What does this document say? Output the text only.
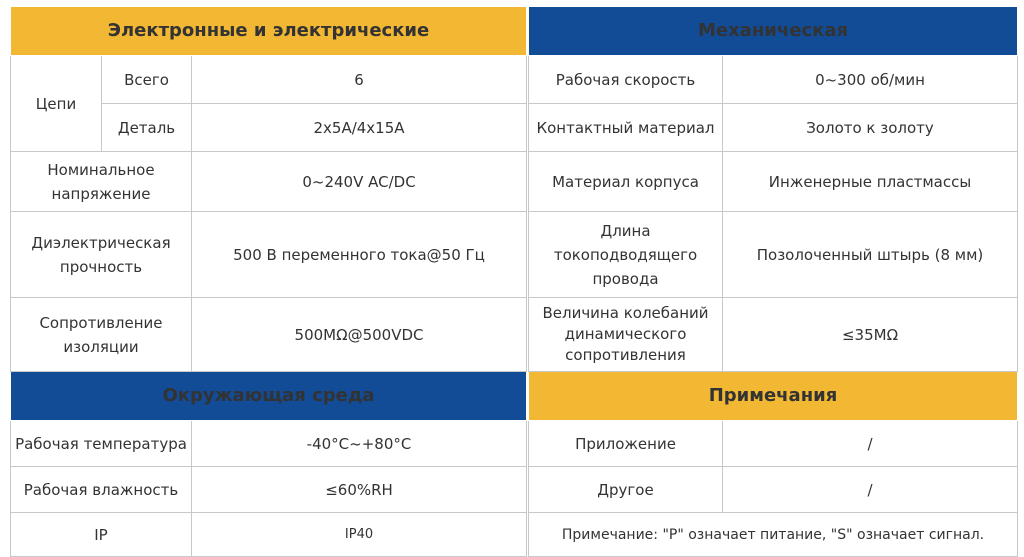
Электронные и электрические		
Цепи	Всего	6
	Деталь	2x5A/4x15A
Номинальное напряжение		0~240V AC/DC
Диэлектрическая прочность		500 В переменного тока@50 Гц
Сопротивление изоляции		500MΩ@500VDC
Окружающая среда		
Рабочая температура		-40°C~+80°C
Рабочая влажность		≤60%RH
IP		IP40
Механическая	
Рабочая скорость	0~300 об/мин
Контактный материал	Золото к золоту
Материал корпуса	Инженерные пластмассы
Длина токоподводящего провода	Позолоченный штырь (8 мм)
Величина колебаний динамического сопротивления	≤35MΩ
Примечания	
Приложение	/
Другое	/
Примечание: "P" означает питание, "S" означает сигнал.	
